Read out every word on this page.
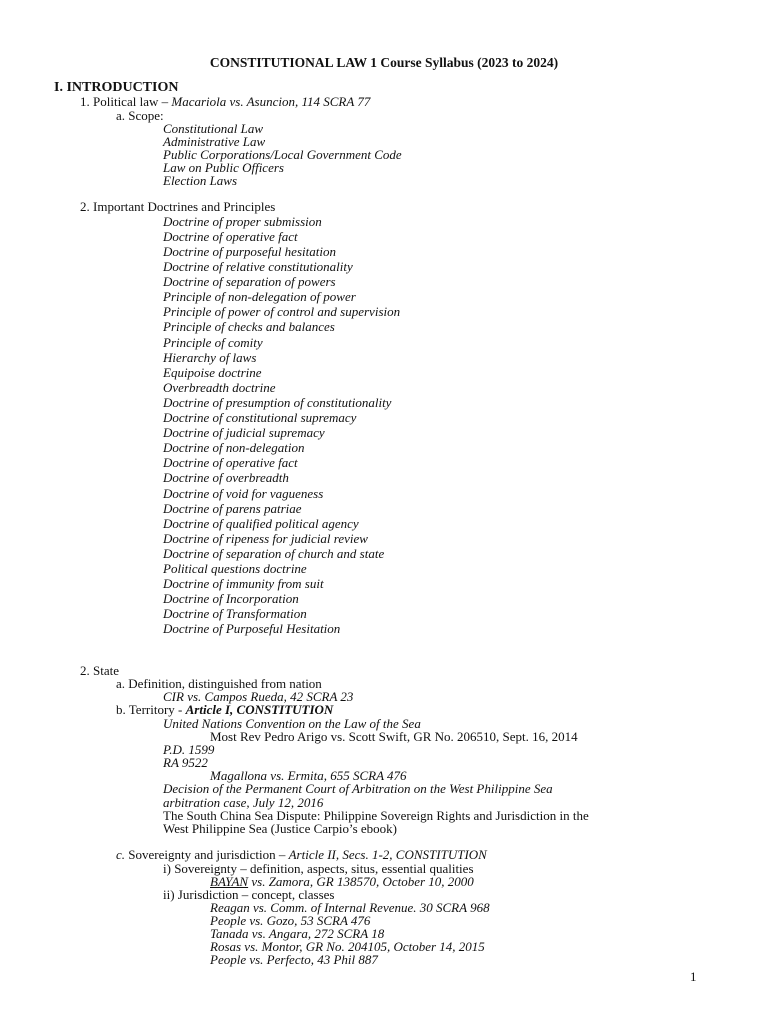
CONSTITUTIONAL LAW 1 Course Syllabus (2023 to 2024)
I. INTRODUCTION
1. Political law – Macariola vs. Asuncion, 114 SCRA 77
a. Scope:
Constitutional Law
Administrative Law
Public Corporations/Local Government Code
Law on Public Officers
Election Laws
2. Important Doctrines and Principles
Doctrine of proper submission
Doctrine of operative fact
Doctrine of purposeful hesitation
Doctrine of relative constitutionality
Doctrine of separation of powers
Principle of non-delegation of power
Principle of power of control and supervision
Principle of checks and balances
Principle of comity
Hierarchy of laws
Equipoise doctrine
Overbreadth doctrine
Doctrine of presumption of constitutionality
Doctrine of constitutional supremacy
Doctrine of judicial supremacy
Doctrine of non-delegation
Doctrine of operative fact
Doctrine of overbreadth
Doctrine of void for vagueness
Doctrine of parens patriae
Doctrine of qualified political agency
Doctrine of ripeness for judicial review
Doctrine of separation of church and state
Political questions doctrine
Doctrine of immunity from suit
Doctrine of Incorporation
Doctrine of Transformation
Doctrine of Purposeful Hesitation
2. State
a. Definition, distinguished from nation
CIR vs. Campos Rueda, 42 SCRA 23
b. Territory - Article I, CONSTITUTION
United Nations Convention on the Law of the Sea
Most Rev Pedro Arigo vs. Scott Swift, GR No. 206510, Sept. 16, 2014
P.D. 1599
RA 9522
Magallona vs. Ermita, 655 SCRA 476
Decision of the Permanent Court of Arbitration on the West Philippine Sea
arbitration case, July 12, 2016
The South China Sea Dispute: Philippine Sovereign Rights and Jurisdiction in the
West Philippine Sea (Justice Carpio’s ebook)
c. Sovereignty and jurisdiction – Article II, Secs. 1-2, CONSTITUTION
i) Sovereignty – definition, aspects, situs, essential qualities
BAYAN vs. Zamora, GR 138570, October 10, 2000
ii) Jurisdiction – concept, classes
Reagan vs. Comm. of Internal Revenue. 30 SCRA 968
People vs. Gozo, 53 SCRA 476
Tanada vs. Angara, 272 SCRA 18
Rosas vs. Montor, GR No. 204105, October 14, 2015
People vs. Perfecto, 43 Phil 887
1
